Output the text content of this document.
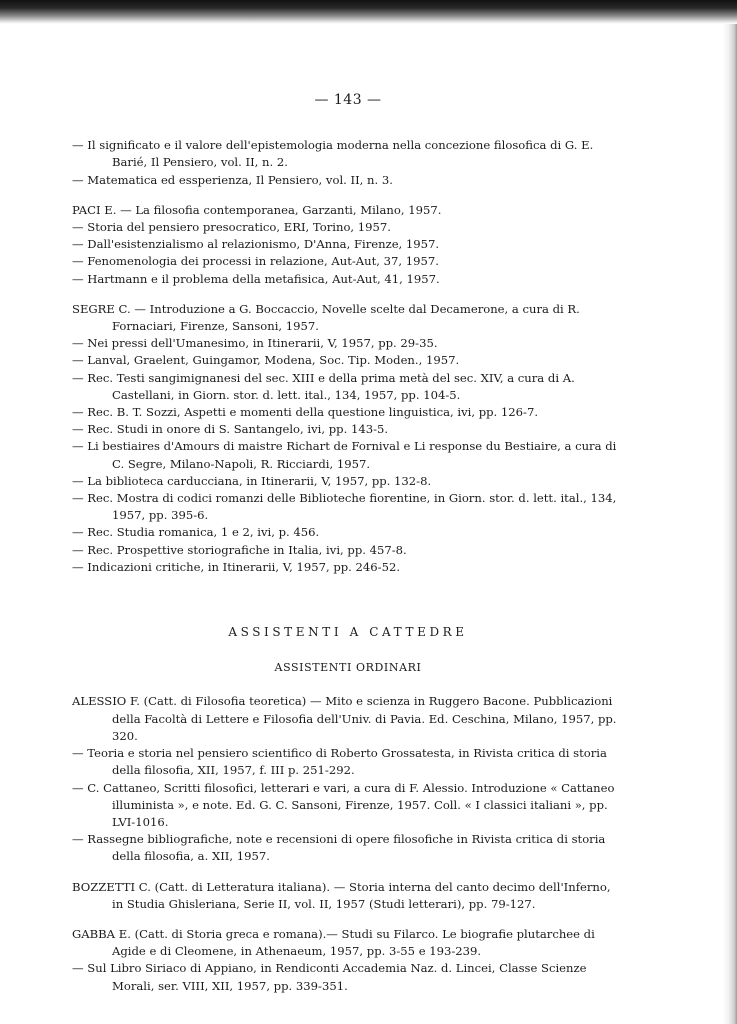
— 143 —

— Il significato e il valore dell'epistemologia moderna nella concezione filosofica di G. E. Barié, Il Pensiero, vol. II, n. 2.

— Matematica ed essperienza, Il Pensiero, vol. II, n. 3.

PACI E. — La filosofia contemporanea, Garzanti, Milano, 1957.

— Storia del pensiero presocratico, ERI, Torino, 1957.

— Dall'esistenzialismo al relazionismo, D'Anna, Firenze, 1957.

— Fenomenologia dei processi in relazione, Aut-Aut, 37, 1957.

— Hartmann e il problema della metafisica, Aut-Aut, 41, 1957.

SEGRE C. — Introduzione a G. Boccaccio, Novelle scelte dal Decamerone, a cura di R. Fornaciari, Firenze, Sansoni, 1957.

— Nei pressi dell'Umanesimo, in Itinerarii, V, 1957, pp. 29-35.

— Lanval, Graelent, Guingamor, Modena, Soc. Tip. Moden., 1957.

— Rec. Testi sangimignanesi del sec. XIII e della prima metà del sec. XIV, a cura di A. Castellani, in Giorn. stor. d. lett. ital., 134, 1957, pp. 104-5.

— Rec. B. T. Sozzi, Aspetti e momenti della questione linguistica, ivi, pp. 126-7.

— Rec. Studi in onore di S. Santangelo, ivi, pp. 143-5.

— Li bestiaires d'Amours di maistre Richart de Fornival e Li response du Bestiaire, a cura di C. Segre, Milano-Napoli, R. Ricciardi, 1957.

— La biblioteca carducciana, in Itinerarii, V, 1957, pp. 132-8.

— Rec. Mostra di codici romanzi delle Biblioteche fiorentine, in Giorn. stor. d. lett. ital., 134, 1957, pp. 395-6.

— Rec. Studia romanica, 1 e 2, ivi, p. 456.

— Rec. Prospettive storiografiche in Italia, ivi, pp. 457-8.

— Indicazioni critiche, in Itinerarii, V, 1957, pp. 246-52.

ASSISTENTI A CATTEDRE
ASSISTENTI ORDINARI

ALESSIO F. (Catt. di Filosofia teoretica) — Mito e scienza in Ruggero Bacone. Pubblicazioni della Facoltà di Lettere e Filosofia dell'Univ. di Pavia. Ed. Ceschina, Milano, 1957, pp. 320.

— Teoria e storia nel pensiero scientifico di Roberto Grossatesta, in Rivista critica di storia della filosofia, XII, 1957, f. III p. 251-292.

— C. Cattaneo, Scritti filosofici, letterari e vari, a cura di F. Alessio. Introduzione « Cattaneo illuminista », e note. Ed. G. C. Sansoni, Firenze, 1957. Coll. « I classici italiani », pp. LVI-1016.

— Rassegne bibliografiche, note e recensioni di opere filosofiche in Rivista critica di storia della filosofia, a. XII, 1957.

BOZZETTI C. (Catt. di Letteratura italiana). — Storia interna del canto decimo dell'Inferno, in Studia Ghisleriana, Serie II, vol. II, 1957 (Studi letterari), pp. 79-127.

GABBA E. (Catt. di Storia greca e romana).— Studi su Filarco. Le biografie plutarchee di Agide e di Cleomene, in Athenaeum, 1957, pp. 3-55 e 193-239.

— Sul Libro Siriaco di Appiano, in Rendiconti Accademia Naz. d. Lincei, Classe Scienze Morali, ser. VIII, XII, 1957, pp. 339-351.
